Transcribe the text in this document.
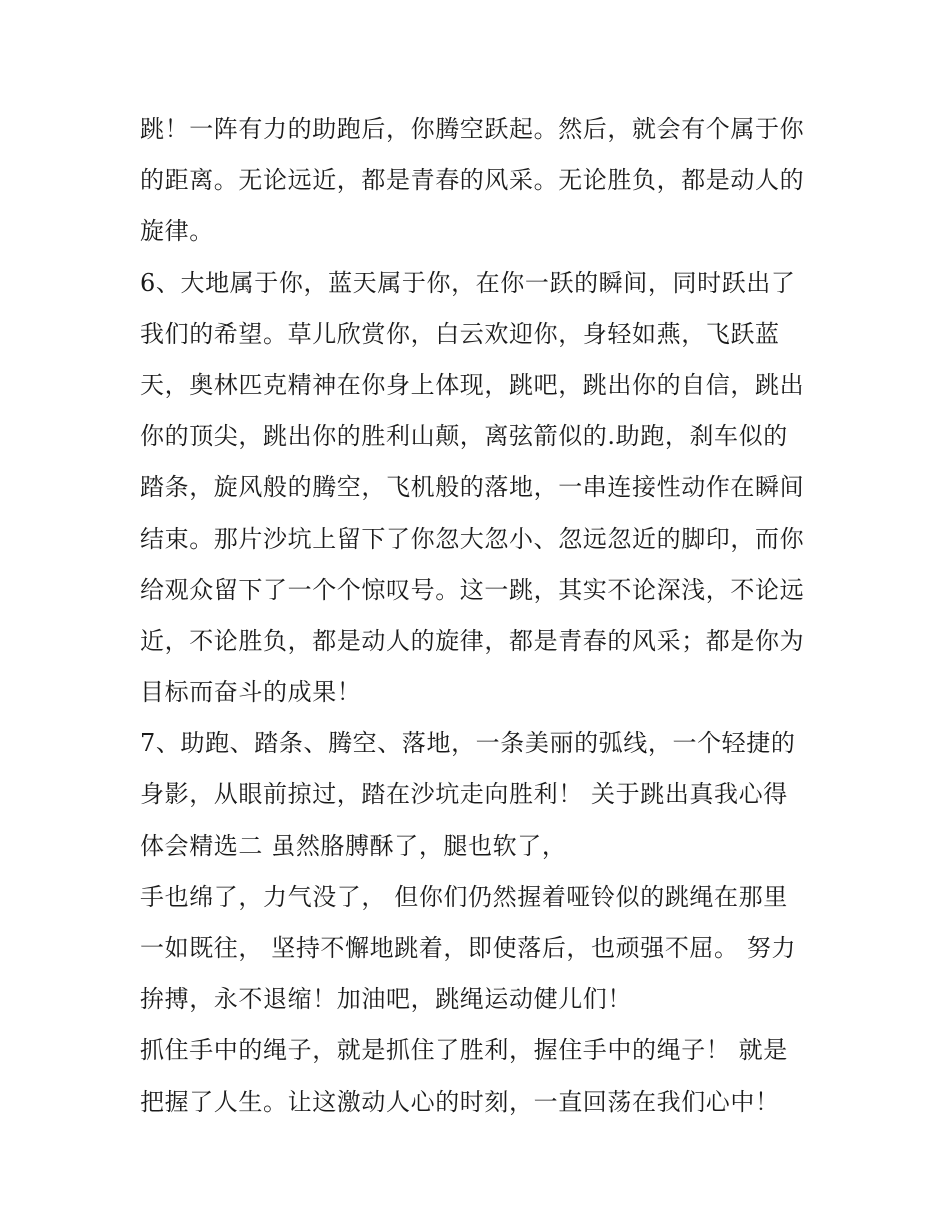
跳！一阵有力的助跑后，你腾空跃起。然后，就会有个属于你
的距离。无论远近，都是青春的风采。无论胜负，都是动人的
旋律。
6、大地属于你，蓝天属于你，在你一跃的瞬间，同时跃出了
我们的希望。草儿欣赏你，白云欢迎你，身轻如燕，飞跃蓝
天，奥林匹克精神在你身上体现，跳吧，跳出你的自信，跳出
你的顶尖，跳出你的胜利山颠，离弦箭似的.助跑，刹车似的
踏条，旋风般的腾空，飞机般的落地，一串连接性动作在瞬间
结束。那片沙坑上留下了你忽大忽小、忽远忽近的脚印，而你
给观众留下了一个个惊叹号。这一跳，其实不论深浅，不论远
近，不论胜负，都是动人的旋律，都是青春的风采；都是你为
目标而奋斗的成果！
7、助跑、踏条、腾空、落地，一条美丽的弧线，一个轻捷的
身影，从眼前掠过，踏在沙坑走向胜利！ 关于跳出真我心得
体会精选二 虽然胳膊酥了，腿也软了，
手也绵了，力气没了， 但你们仍然握着哑铃似的跳绳在那里
一如既往， 坚持不懈地跳着，即使落后，也顽强不屈。 努力
拚搏，永不退缩！加油吧，跳绳运动健儿们！
抓住手中的绳子，就是抓住了胜利，握住手中的绳子！ 就是
把握了人生。让这激动人心的时刻，一直回荡在我们心中！
